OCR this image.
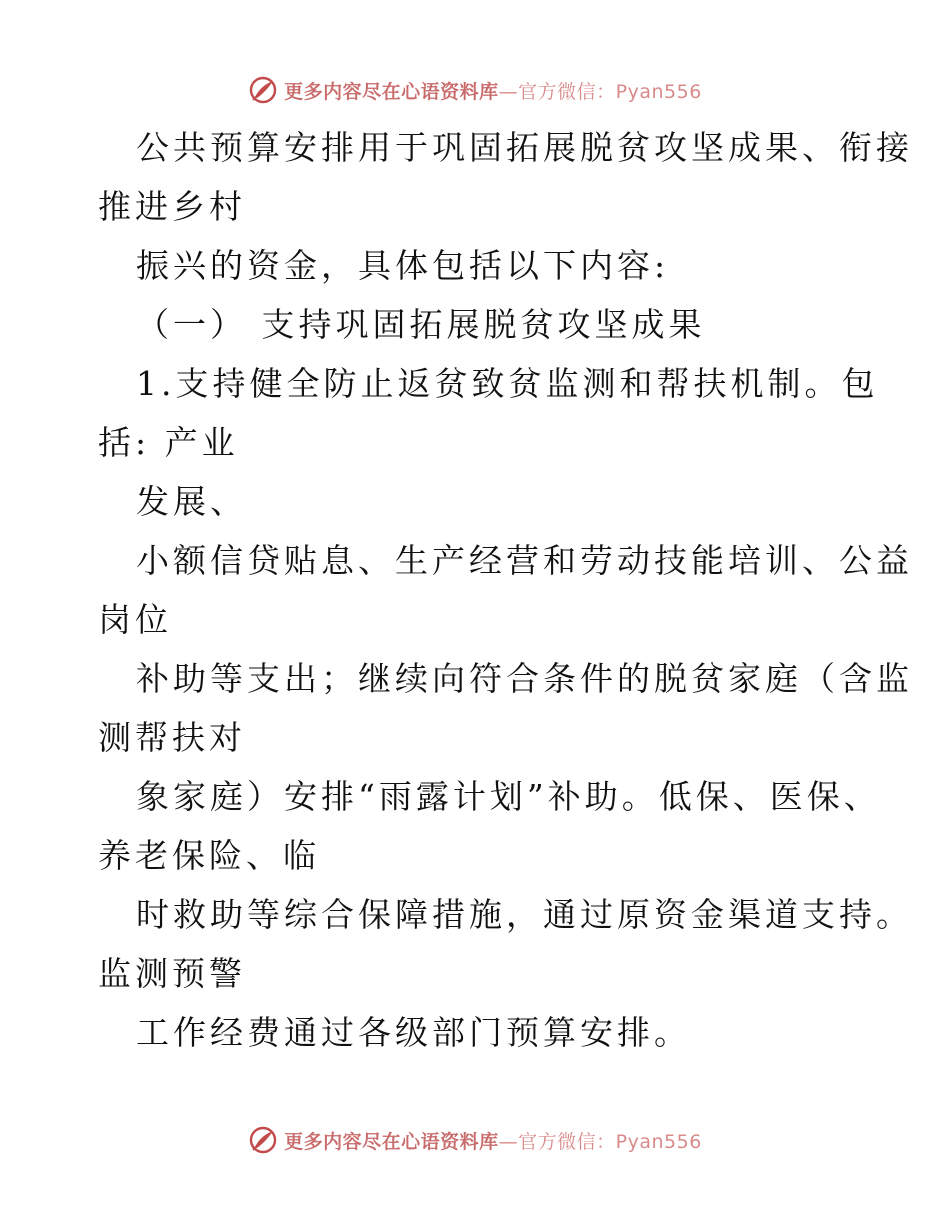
更多内容尽在心语资料库—官方微信：Pyan556
公共预算安排用于巩固拓展脱贫攻坚成果、衔接
推进乡村
振兴的资金，具体包括以下内容:
（一） 支持巩固拓展脱贫攻坚成果
1.支持健全防止返贫致贫监测和帮扶机制。包
括: 产业
发展、
小额信贷贴息、生产经营和劳动技能培训、公益
岗位
补助等支出；继续向符合条件的脱贫家庭（含监
测帮扶对
象家庭）安排“雨露计划”补助。低保、医保、
养老保险、临
时救助等综合保障措施，通过原资金渠道支持。
监测预警
工作经费通过各级部门预算安排。
更多内容尽在心语资料库—官方微信：Pyan556
